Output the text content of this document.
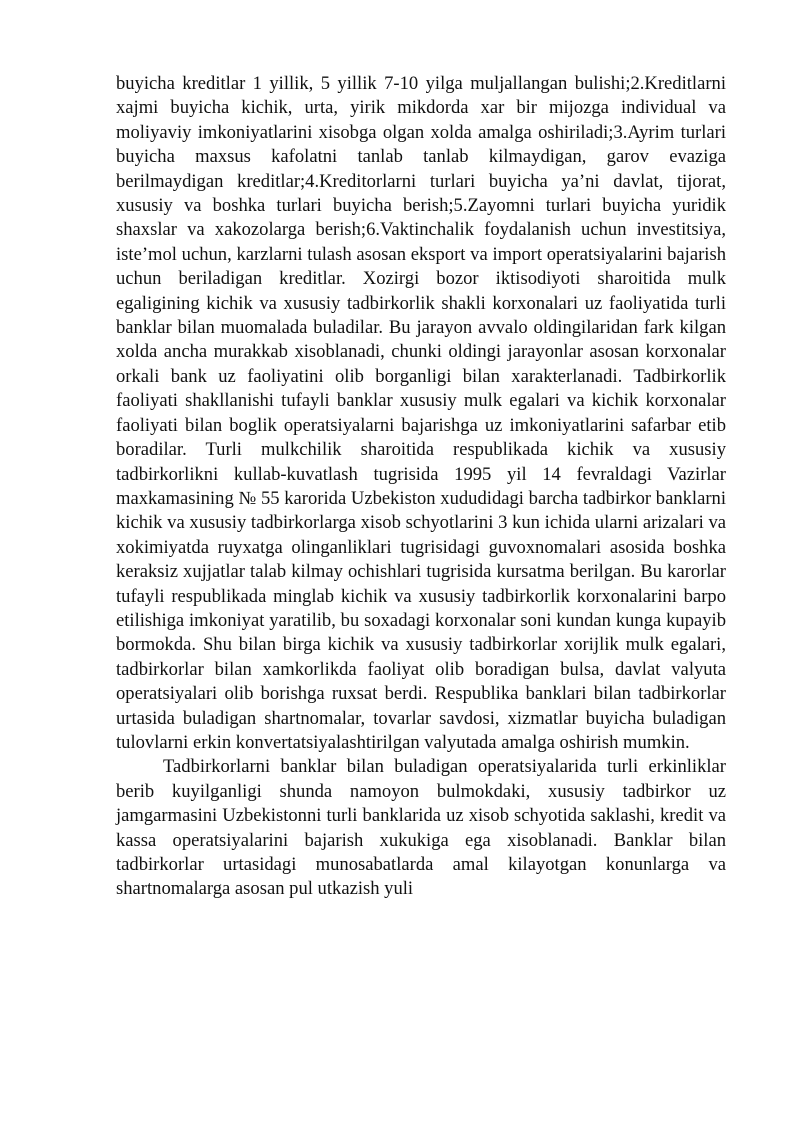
buyicha kreditlar 1 yillik, 5 yillik 7-10 yilga muljallangan bulishi;2.Kreditlarni xajmi buyicha kichik, urta, yirik mikdorda xar bir mijozga individual va moliyaviy imkoniyatlarini xisobga olgan xolda amalga oshiriladi;3.Ayrim turlari buyicha maxsus kafolatni tanlab tanlab kilmaydigan, garov evaziga berilmaydigan kreditlar;4.Kreditorlarni turlari buyicha ya’ni davlat, tijorat, xususiy va boshka turlari buyicha berish;5.Zayomni turlari buyicha yuridik shaxslar va xakozolarga berish;6.Vaktinchalik foydalanish uchun investitsiya, iste’mol uchun, karzlarni tulash asosan eksport va import operatsiyalarini bajarish uchun beriladigan kreditlar. Xozirgi bozor iktisodiyoti sharoitida mulk egaligining kichik va xususiy tadbirkorlik shakli korxonalari uz faoliyatida turli banklar bilan muomalada buladilar. Bu jarayon avvalo oldingilaridan fark kilgan xolda ancha murakkab xisoblanadi, chunki oldingi jarayonlar asosan korxonalar orkali bank uz faoliyatini olib borganligi bilan xarakterlanadi. Tadbirkorlik faoliyati shakllanishi tufayli banklar xususiy mulk egalari va kichik korxonalar faoliyati bilan boglik operatsiyalarni bajarishga uz imkoniyatlarini safarbar etib boradilar. Turli mulkchilik sharoitida respublikada kichik va xususiy tadbirkorlikni kullab-kuvatlash tugrisida 1995 yil 14 fevraldagi Vazirlar maxkamasining № 55 karorida Uzbekiston xududidagi barcha tadbirkor banklarni kichik va xususiy tadbirkorlarga xisob schyotlarini 3 kun ichida ularni arizalari va xokimiyatda ruyxatga olinganliklari tugrisidagi guvoxnomalari asosida boshka keraksiz xujjatlar talab kilmay ochishlari tugrisida kursatma berilgan. Bu karorlar tufayli respublikada minglab kichik va xususiy tadbirkorlik korxonalarini barpo etilishiga imkoniyat yaratilib, bu soxadagi korxonalar soni kundan kunga kupayib bormokda. Shu bilan birga kichik va xususiy tadbirkorlar xorijlik mulk egalari, tadbirkorlar bilan xamkorlikda faoliyat olib boradigan bulsa, davlat valyuta operatsiyalari olib borishga ruxsat berdi. Respublika banklari bilan tadbirkorlar urtasida buladigan shartnomalar, tovarlar savdosi, xizmatlar buyicha buladigan tulovlarni erkin konvertatsiyalashtirilgan valyutada amalga oshirish mumkin.

Tadbirkorlarni banklar bilan buladigan operatsiyalarida turli erkinliklar berib kuyilganligi shunda namoyon bulmokdaki, xususiy tadbirkor uz jamgarmasini Uzbekistonni turli banklarida uz xisob schyotida saklashi, kredit va kassa operatsiyalarini bajarish xukukiga ega xisoblanadi. Banklar bilan tadbirkorlar urtasidagi munosabatlarda amal kilayotgan konunlarga va shartnomalarga asosan pul utkazish yuli
